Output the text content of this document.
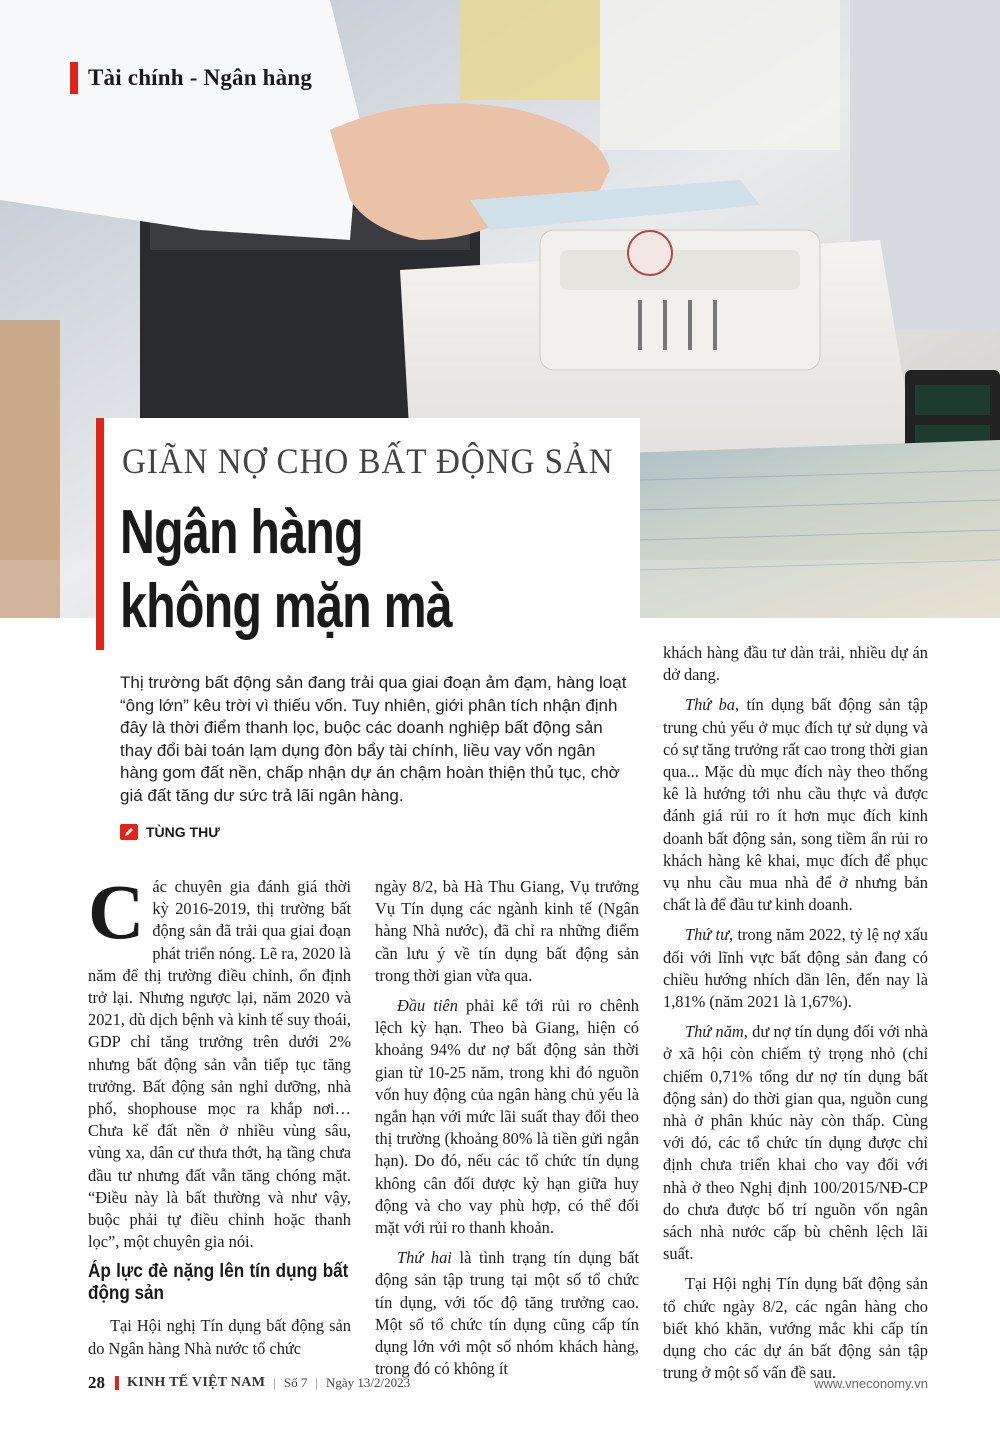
Tài chính - Ngân hàng
GIÃN NỢ CHO BẤT ĐỘNG SẢN
Ngân hàng
không mặn mà
Thị trường bất động sản đang trải qua giai đoạn ảm đạm, hàng loạt “ông lớn” kêu trời vì thiếu vốn. Tuy nhiên, giới phân tích nhận định đây là thời điểm thanh lọc, buộc các doanh nghiệp bất động sản thay đổi bài toán lạm dụng đòn bẩy tài chính, liều vay vốn ngân hàng gom đất nền, chấp nhận dự án chậm hoàn thiện thủ tục, chờ giá đất tăng dư sức trả lãi ngân hàng.
TÙNG THƯ

Các chuyên gia đánh giá thời kỳ 2016-2019, thị trường bất động sản đã trải qua giai đoạn phát triển nóng. Lẽ ra, 2020 là năm để thị trường điều chỉnh, ổn định trở lại. Nhưng ngược lại, năm 2020 và 2021, dù dịch bệnh và kinh tế suy thoái, GDP chỉ tăng trưởng trên dưới 2% nhưng bất động sản vẫn tiếp tục tăng trưởng. Bất động sản nghỉ dưỡng, nhà phố, shophouse mọc ra khắp nơi… Chưa kể đất nền ở nhiều vùng sâu, vùng xa, dân cư thưa thớt, hạ tầng chưa đầu tư nhưng đất vẫn tăng chóng mặt. “Điều này là bất thường và như vậy, buộc phải tự điều chỉnh hoặc thanh lọc”, một chuyên gia nói.

Áp lực đè nặng lên tín dụng bất động sản

Tại Hội nghị Tín dụng bất động sản do Ngân hàng Nhà nước tổ chức

ngày 8/2, bà Hà Thu Giang, Vụ trưởng Vụ Tín dụng các ngành kinh tế (Ngân hàng Nhà nước), đã chỉ ra những điểm cần lưu ý về tín dụng bất động sản trong thời gian vừa qua.

Đầu tiên phải kể tới rủi ro chênh lệch kỳ hạn. Theo bà Giang, hiện có khoảng 94% dư nợ bất động sản thời gian từ 10-25 năm, trong khi đó nguồn vốn huy động của ngân hàng chủ yếu là ngắn hạn với mức lãi suất thay đổi theo thị trường (khoảng 80% là tiền gửi ngắn hạn). Do đó, nếu các tổ chức tín dụng không cân đối được kỳ hạn giữa huy động và cho vay phù hợp, có thể đối mặt với rủi ro thanh khoản.

Thứ hai là tình trạng tín dụng bất động sản tập trung tại một số tổ chức tín dụng, với tốc độ tăng trưởng cao. Một số tổ chức tín dụng cũng cấp tín dụng lớn với một số nhóm khách hàng, trong đó có không ít

khách hàng đầu tư dàn trải, nhiều dự án dở dang.

Thứ ba, tín dụng bất động sản tập trung chủ yếu ở mục đích tự sử dụng và có sự tăng trưởng rất cao trong thời gian qua... Mặc dù mục đích này theo thống kê là hướng tới nhu cầu thực và được đánh giá rủi ro ít hơn mục đích kinh doanh bất động sản, song tiềm ẩn rủi ro khách hàng kê khai, mục đích để phục vụ nhu cầu mua nhà để ở nhưng bản chất là để đầu tư kinh doanh.

Thứ tư, trong năm 2022, tỷ lệ nợ xấu đối với lĩnh vực bất động sản đang có chiều hướng nhích dần lên, đến nay là 1,81% (năm 2021 là 1,67%).

Thứ năm, dư nợ tín dụng đối với nhà ở xã hội còn chiếm tỷ trọng nhỏ (chỉ chiếm 0,71% tổng dư nợ tín dụng bất động sản) do thời gian qua, nguồn cung nhà ở phân khúc này còn thấp. Cùng với đó, các tổ chức tín dụng được chỉ định chưa triển khai cho vay đối với nhà ở theo Nghị định 100/2015/NĐ-CP do chưa được bố trí nguồn vốn ngân sách nhà nước cấp bù chênh lệch lãi suất.

Tại Hội nghị Tín dụng bất động sản tổ chức ngày 8/2, các ngân hàng cho biết khó khăn, vướng mắc khi cấp tín dụng cho các dự án bất động sản tập trung ở một số vấn đề sau.

28 KINH TẾ VIỆT NAM | Số 7 | Ngày 13/2/2023	www.vneconomy.vn
